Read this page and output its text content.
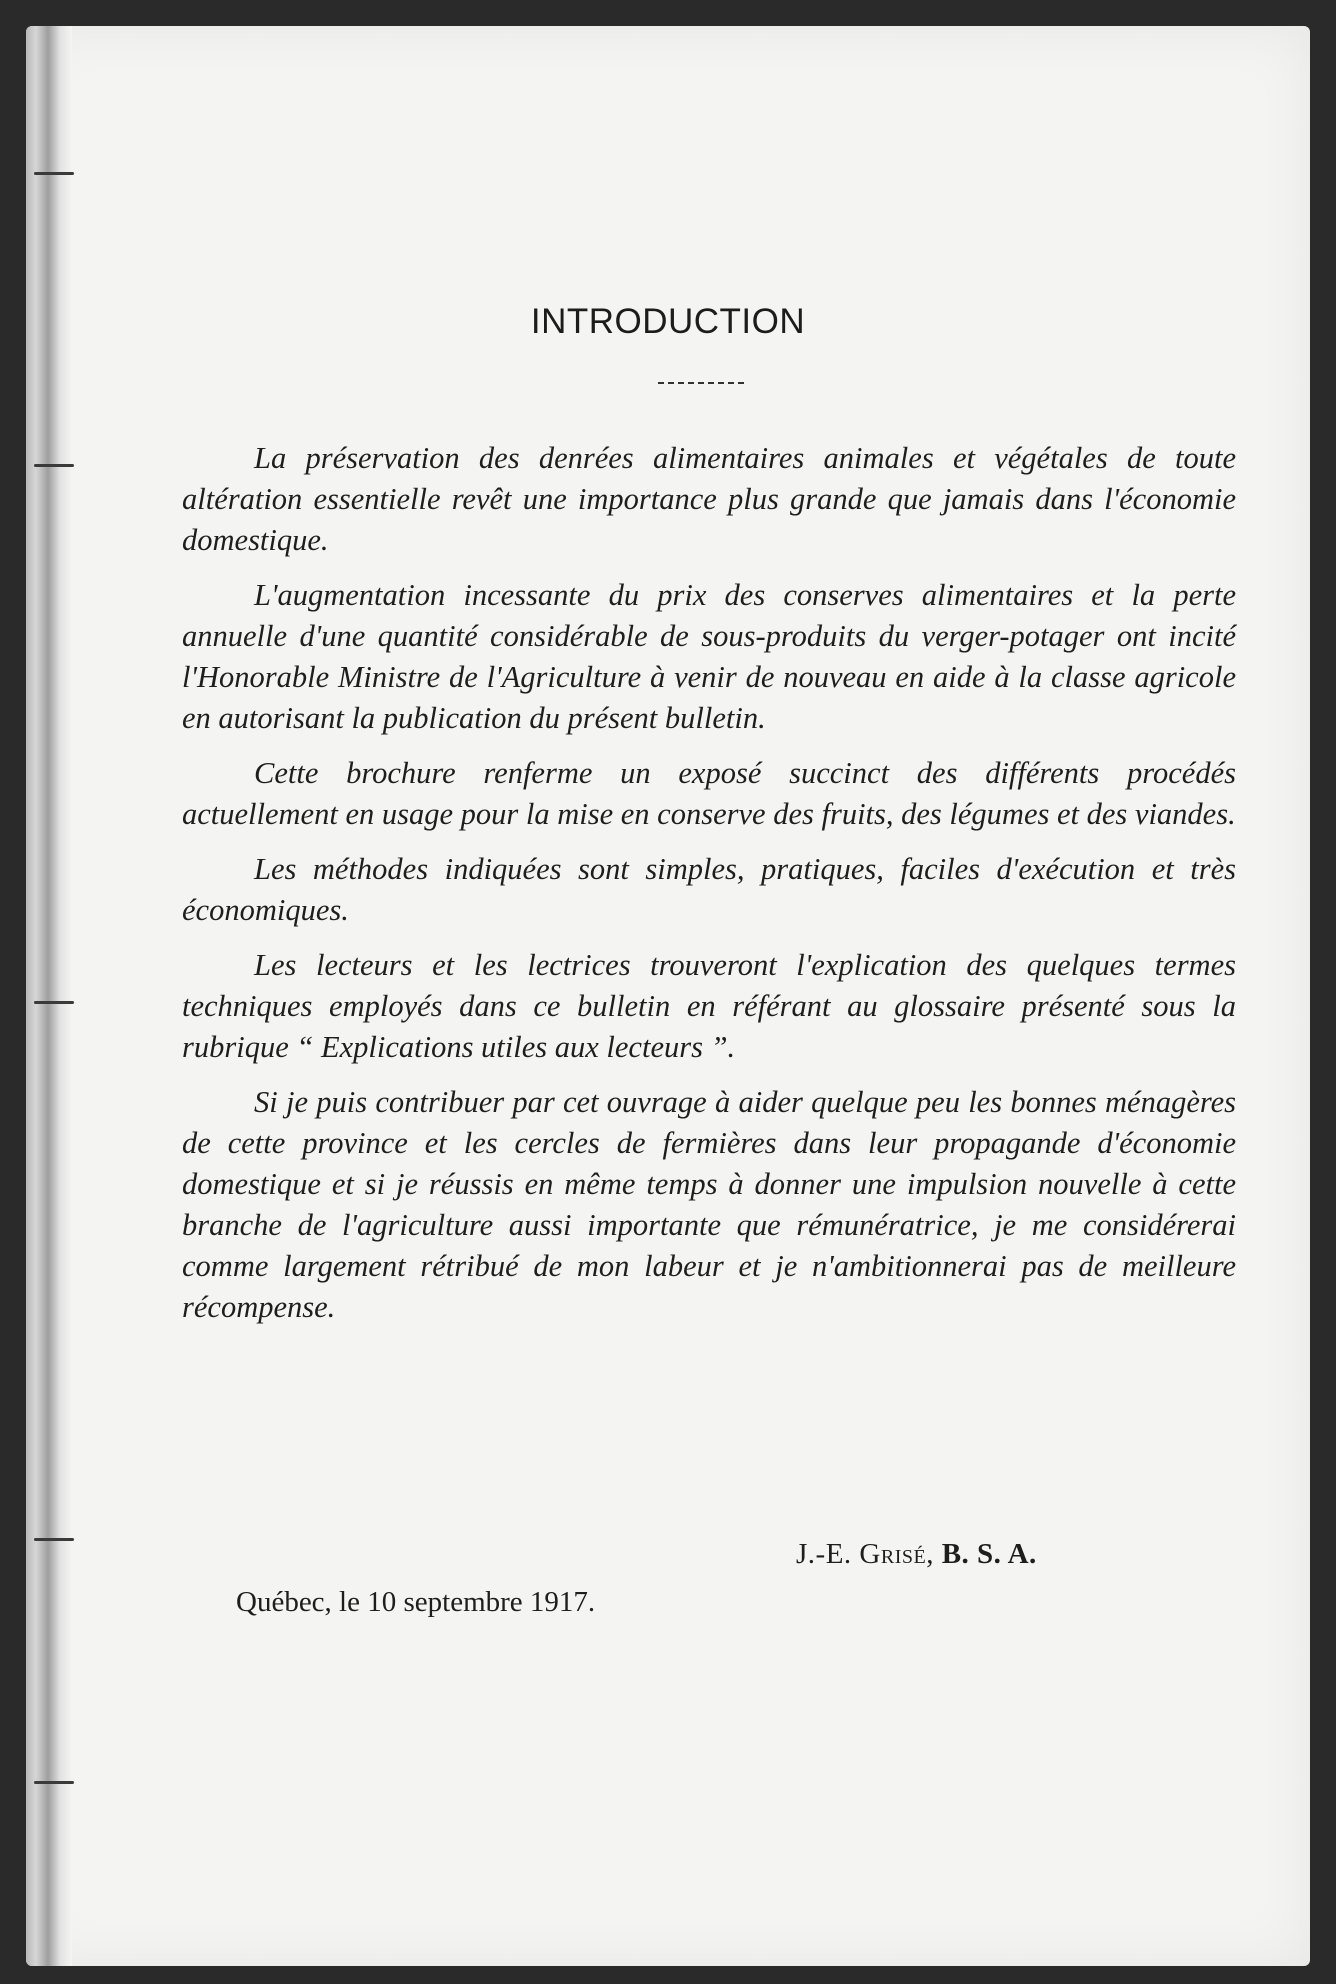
INTRODUCTION

La préservation des denrées alimentaires animales et végétales de toute altération essentielle revêt une importance plus grande que jamais dans l'économie domestique.

L'augmentation incessante du prix des conserves alimentaires et la perte annuelle d'une quantité considérable de sous-produits du verger-potager ont incité l'Honorable Ministre de l'Agriculture à venir de nouveau en aide à la classe agricole en autorisant la publication du présent bulletin.

Cette brochure renferme un exposé succinct des différents procédés actuellement en usage pour la mise en conserve des fruits, des légumes et des viandes.

Les méthodes indiquées sont simples, pratiques, faciles d'exécution et très économiques.

Les lecteurs et les lectrices trouveront l'explication des quelques termes techniques employés dans ce bulletin en référant au glossaire présenté sous la rubrique “ Explications utiles aux lecteurs ”.

Si je puis contribuer par cet ouvrage à aider quelque peu les bonnes ménagères de cette province et les cercles de fermières dans leur propagande d'économie domestique et si je réussis en même temps à donner une impulsion nouvelle à cette branche de l'agriculture aussi importante que rémunératrice, je me considérerai comme largement rétribué de mon labeur et je n'ambitionnerai pas de meilleure récompense.

J.-E. Grisé, B. S. A.
Québec, le 10 septembre 1917.
